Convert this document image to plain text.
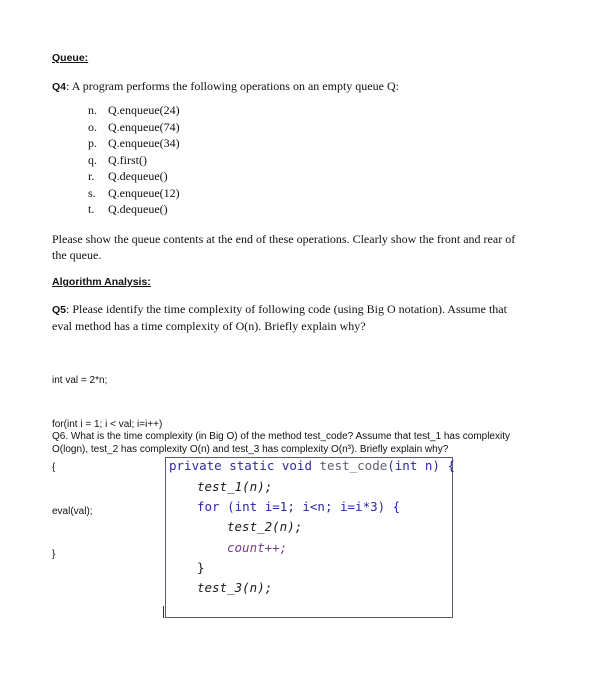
Queue:
Q4: A program performs the following operations on an empty queue Q:
n. Q.enqueue(24)
o. Q.enqueue(74)
p. Q.enqueue(34)
q. Q.first()
r. Q.dequeue()
s. Q.enqueue(12)
t. Q.dequeue()
Please show the queue contents at the end of these operations. Clearly show the front and rear of
the queue.
Algorithm Analysis:
Q5: Please identify the time complexity of following code (using Big O notation). Assume that
eval method has a time complexity of O(n). Briefly explain why?

int val = 2*n;

for(int i = 1; i < val; i=i++)

{

eval(val);

}

Q6. What is the time complexity (in Big O) of the method test_code? Assume that test_1 has complexity
O(logn), test_2 has complexity O(n) and test_3 has complexity O(n³). Briefly explain why?
private static void test_code(int n) {
test_1(n);
for (int i=1; i<n; i=i*3) {
test_2(n);
count++;
}
test_3(n);
